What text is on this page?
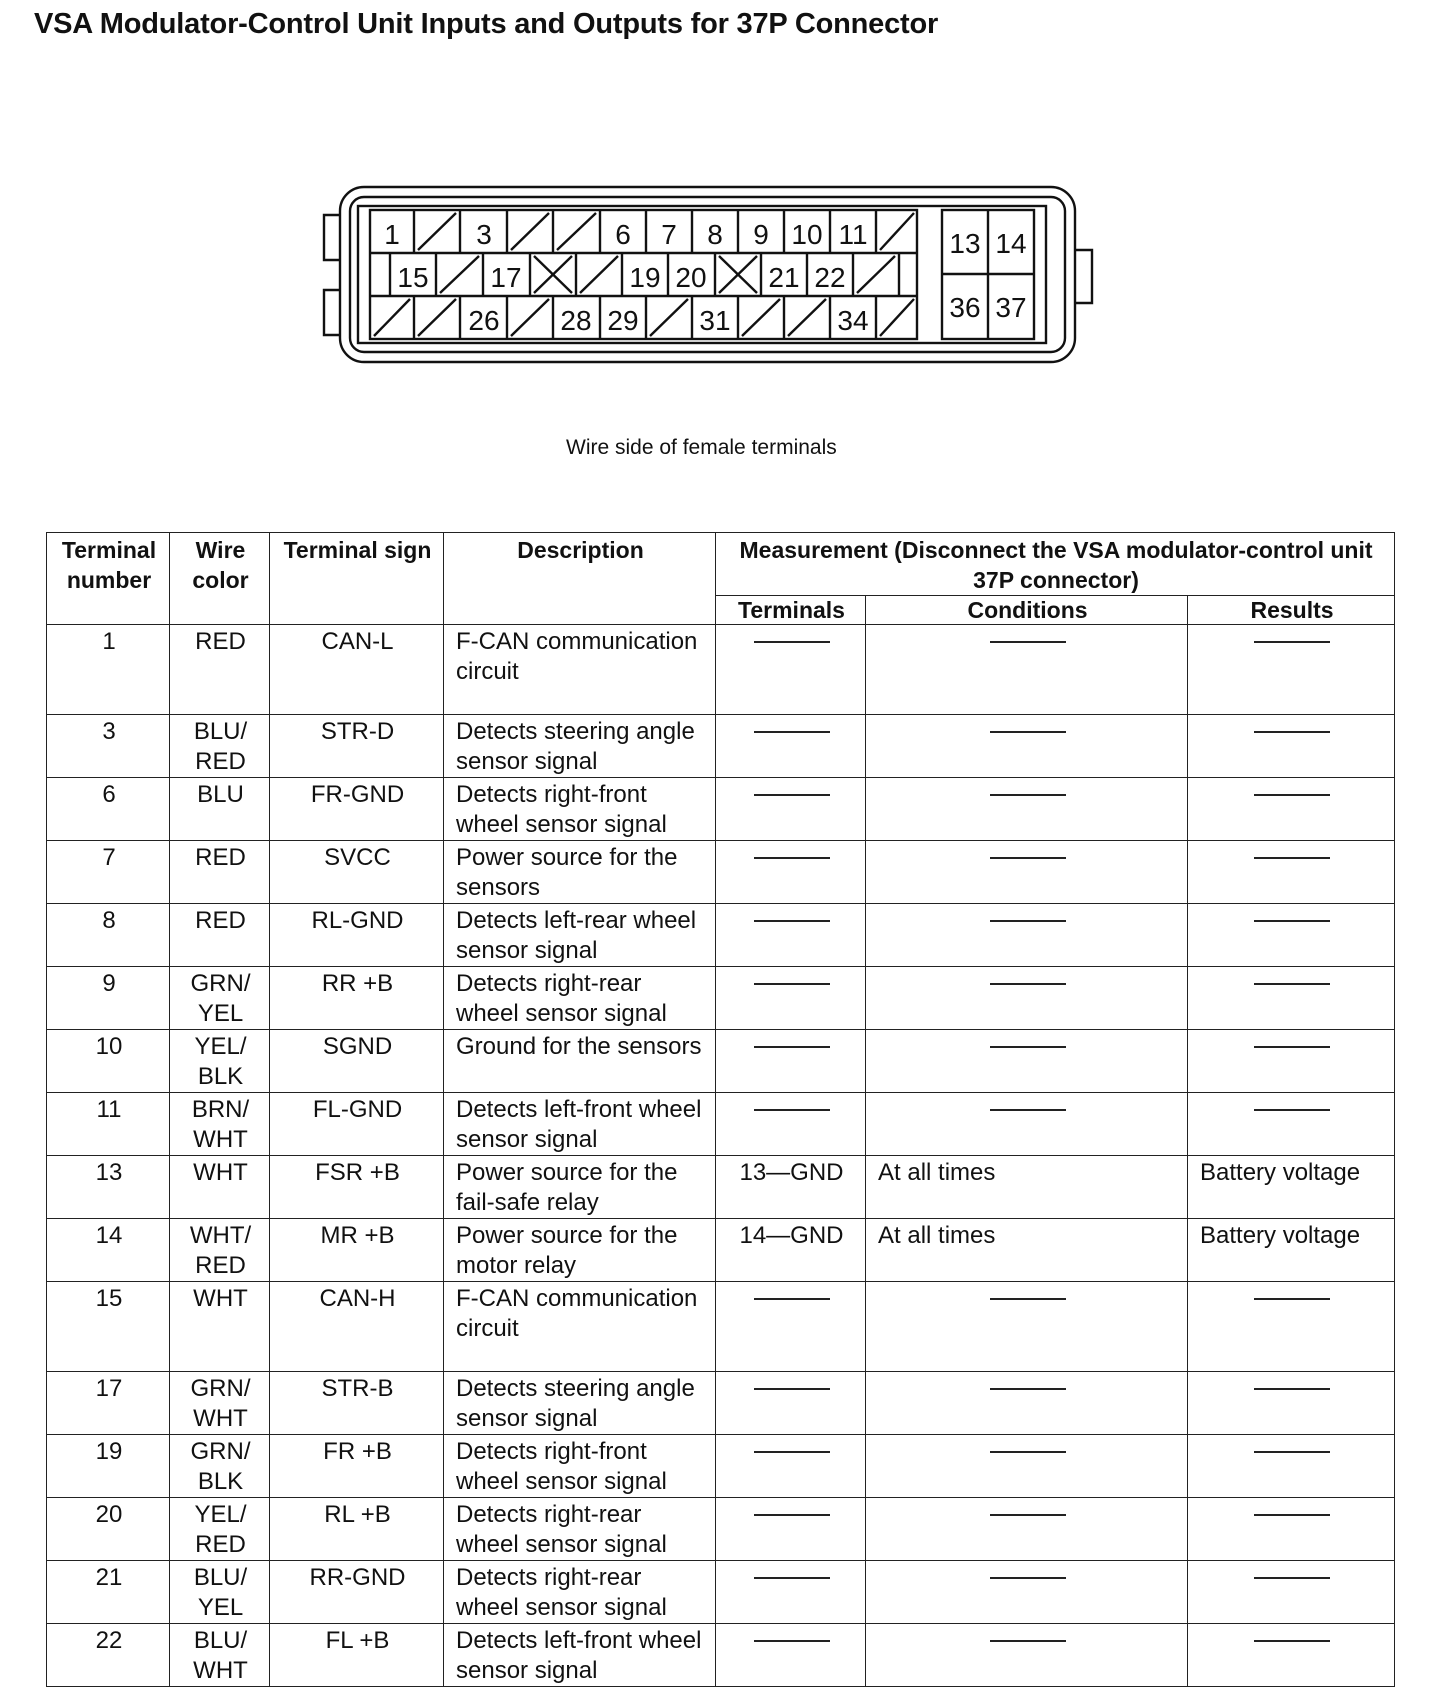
VSA Modulator-Control Unit Inputs and Outputs for 37P Connector
1	3	6 7 8 9 10 11
15 17	19 20 21 22
26 28 29 31	34
13 14
36 37
Wire side of female terminals
Terminal number	Wire color	Terminal sign	Description	Measurement (Disconnect the VSA modulator-control unit 37P connector)		
				Terminals	Conditions	Results
1	RED	CAN-L	F-CAN communication circuit	

3	BLU/ RED	STR-D	Detects steering angle sensor signal	

6	BLU	FR-GND	Detects right-front wheel sensor signal	

7	RED	SVCC	Power source for the sensors	

8	RED	RL-GND	Detects left-rear wheel sensor signal	

9	GRN/ YEL	RR +B	Detects right-rear wheel sensor signal	

10	YEL/ BLK	SGND	Ground for the sensors	

11	BRN/ WHT	FL-GND	Detects left-front wheel sensor signal	

13	WHT	FSR +B	Power source for the fail-safe relay	13—GND	At all times	Battery voltage
14	WHT/ RED	MR +B	Power source for the motor relay	14—GND	At all times	Battery voltage
15	WHT	CAN-H	F-CAN communication circuit	

17	GRN/ WHT	STR-B	Detects steering angle sensor signal	

19	GRN/ BLK	FR +B	Detects right-front wheel sensor signal	

20	YEL/ RED	RL +B	Detects right-rear wheel sensor signal	

21	BLU/ YEL	RR-GND	Detects right-rear wheel sensor signal	

22	BLU/ WHT	FL +B	Detects left-front wheel sensor signal	
